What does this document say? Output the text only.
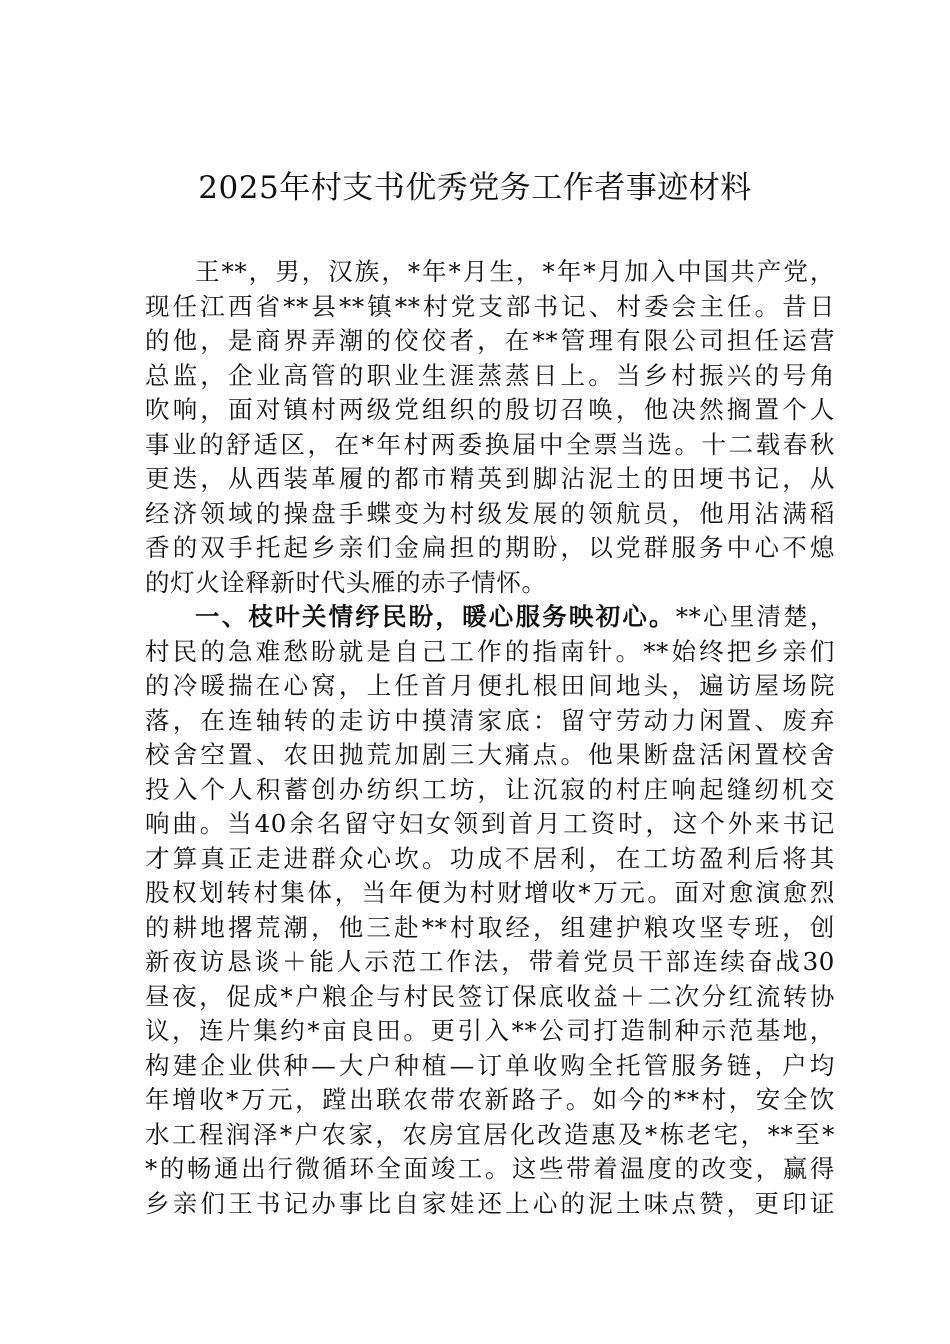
2025年村支书优秀党务工作者事迹材料
王**，男，汉族，*年*月生，*年*月加入中国共产党，
现任江西省**县**镇**村党支部书记、村委会主任。昔日
的他，是商界弄潮的佼佼者，在**管理有限公司担任运营
总监，企业高管的职业生涯蒸蒸日上。当乡村振兴的号角
吹响，面对镇村两级党组织的殷切召唤，他决然搁置个人
事业的舒适区，在*年村两委换届中全票当选。十二载春秋
更迭，从西装革履的都市精英到脚沾泥土的田埂书记，从
经济领域的操盘手蝶变为村级发展的领航员，他用沾满稻
香的双手托起乡亲们金扁担的期盼，以党群服务中心不熄
的灯火诠释新时代头雁的赤子情怀。
一、枝叶关情纾民盼，暖心服务映初心。**心里清楚，
村民的急难愁盼就是自己工作的指南针。**始终把乡亲们
的冷暖揣在心窝，上任首月便扎根田间地头，遍访屋场院
落，在连轴转的走访中摸清家底：留守劳动力闲置、废弃
校舍空置、农田抛荒加剧三大痛点。他果断盘活闲置校舍
投入个人积蓄创办纺织工坊，让沉寂的村庄响起缝纫机交
响曲。当40余名留守妇女领到首月工资时，这个外来书记
才算真正走进群众心坎。功成不居利，在工坊盈利后将其
股权划转村集体，当年便为村财增收*万元。面对愈演愈烈
的耕地撂荒潮，他三赴**村取经，组建护粮攻坚专班，创
新夜访恳谈＋能人示范工作法，带着党员干部连续奋战30
昼夜，促成*户粮企与村民签订保底收益＋二次分红流转协
议，连片集约*亩良田。更引入**公司打造制种示范基地，
构建企业供种—大户种植—订单收购全托管服务链，户均
年增收*万元，蹚出联农带农新路子。如今的**村，安全饮
水工程润泽*户农家，农房宜居化改造惠及*栋老宅，**至*
*的畅通出行微循环全面竣工。这些带着温度的改变，赢得
乡亲们王书记办事比自家娃还上心的泥土味点赞，更印证
